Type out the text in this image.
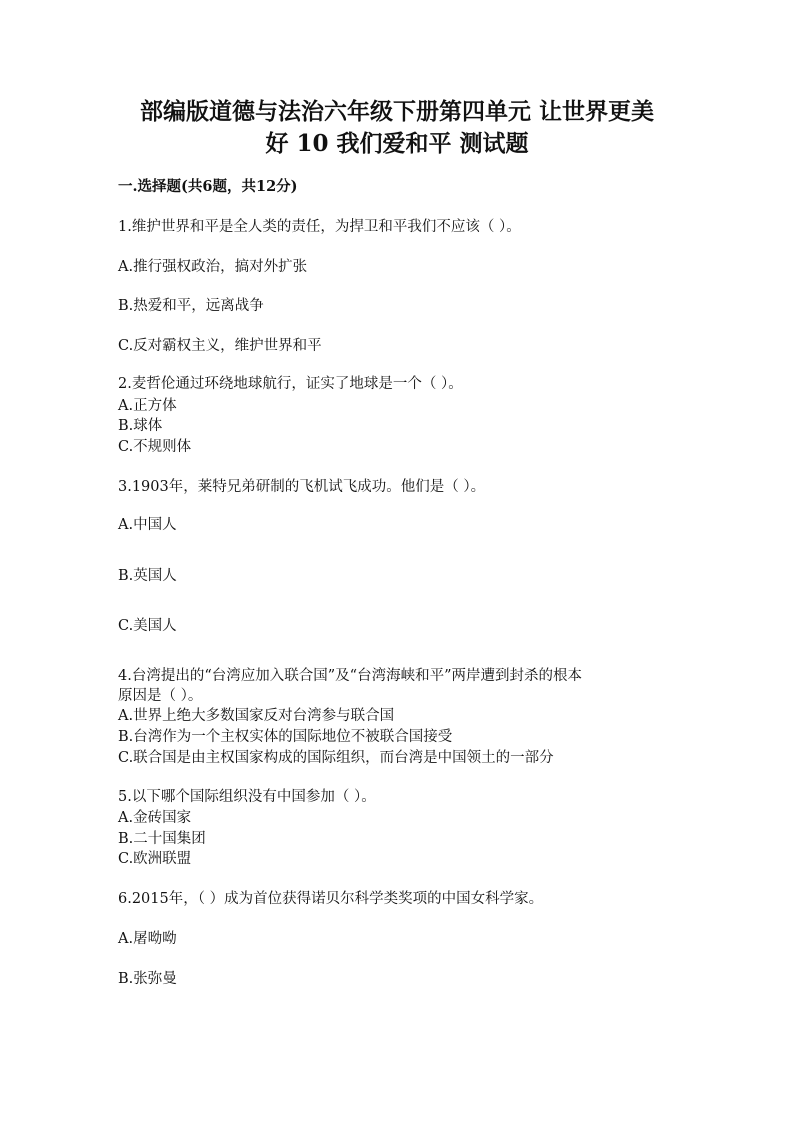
部编版道德与法治六年级下册第四单元 让世界更美
好 10 我们爱和平 测试题
一.选择题(共6题，共12分)
1.维护世界和平是全人类的责任，为捍卫和平我们不应该（ ）。
A.推行强权政治，搞对外扩张
B.热爱和平，远离战争
C.反对霸权主义，维护世界和平
2.麦哲伦通过环绕地球航行，证实了地球是一个（ ）。
A.正方体
B.球体
C.不规则体
3.1903年，莱特兄弟研制的飞机试飞成功。他们是（ ）。
A.中国人
B.英国人
C.美国人
4.台湾提出的“台湾应加入联合国”及“台湾海峡和平”两岸遭到封杀的根本
原因是（ ）。
A.世界上绝大多数国家反对台湾参与联合国
B.台湾作为一个主权实体的国际地位不被联合国接受
C.联合国是由主权国家构成的国际组织，而台湾是中国领土的一部分
5.以下哪个国际组织没有中国参加（ ）。
A.金砖国家
B.二十国集团
C.欧洲联盟
6.2015年，（ ）成为首位获得诺贝尔科学类奖项的中国女科学家。
A.屠呦呦
B.张弥曼
